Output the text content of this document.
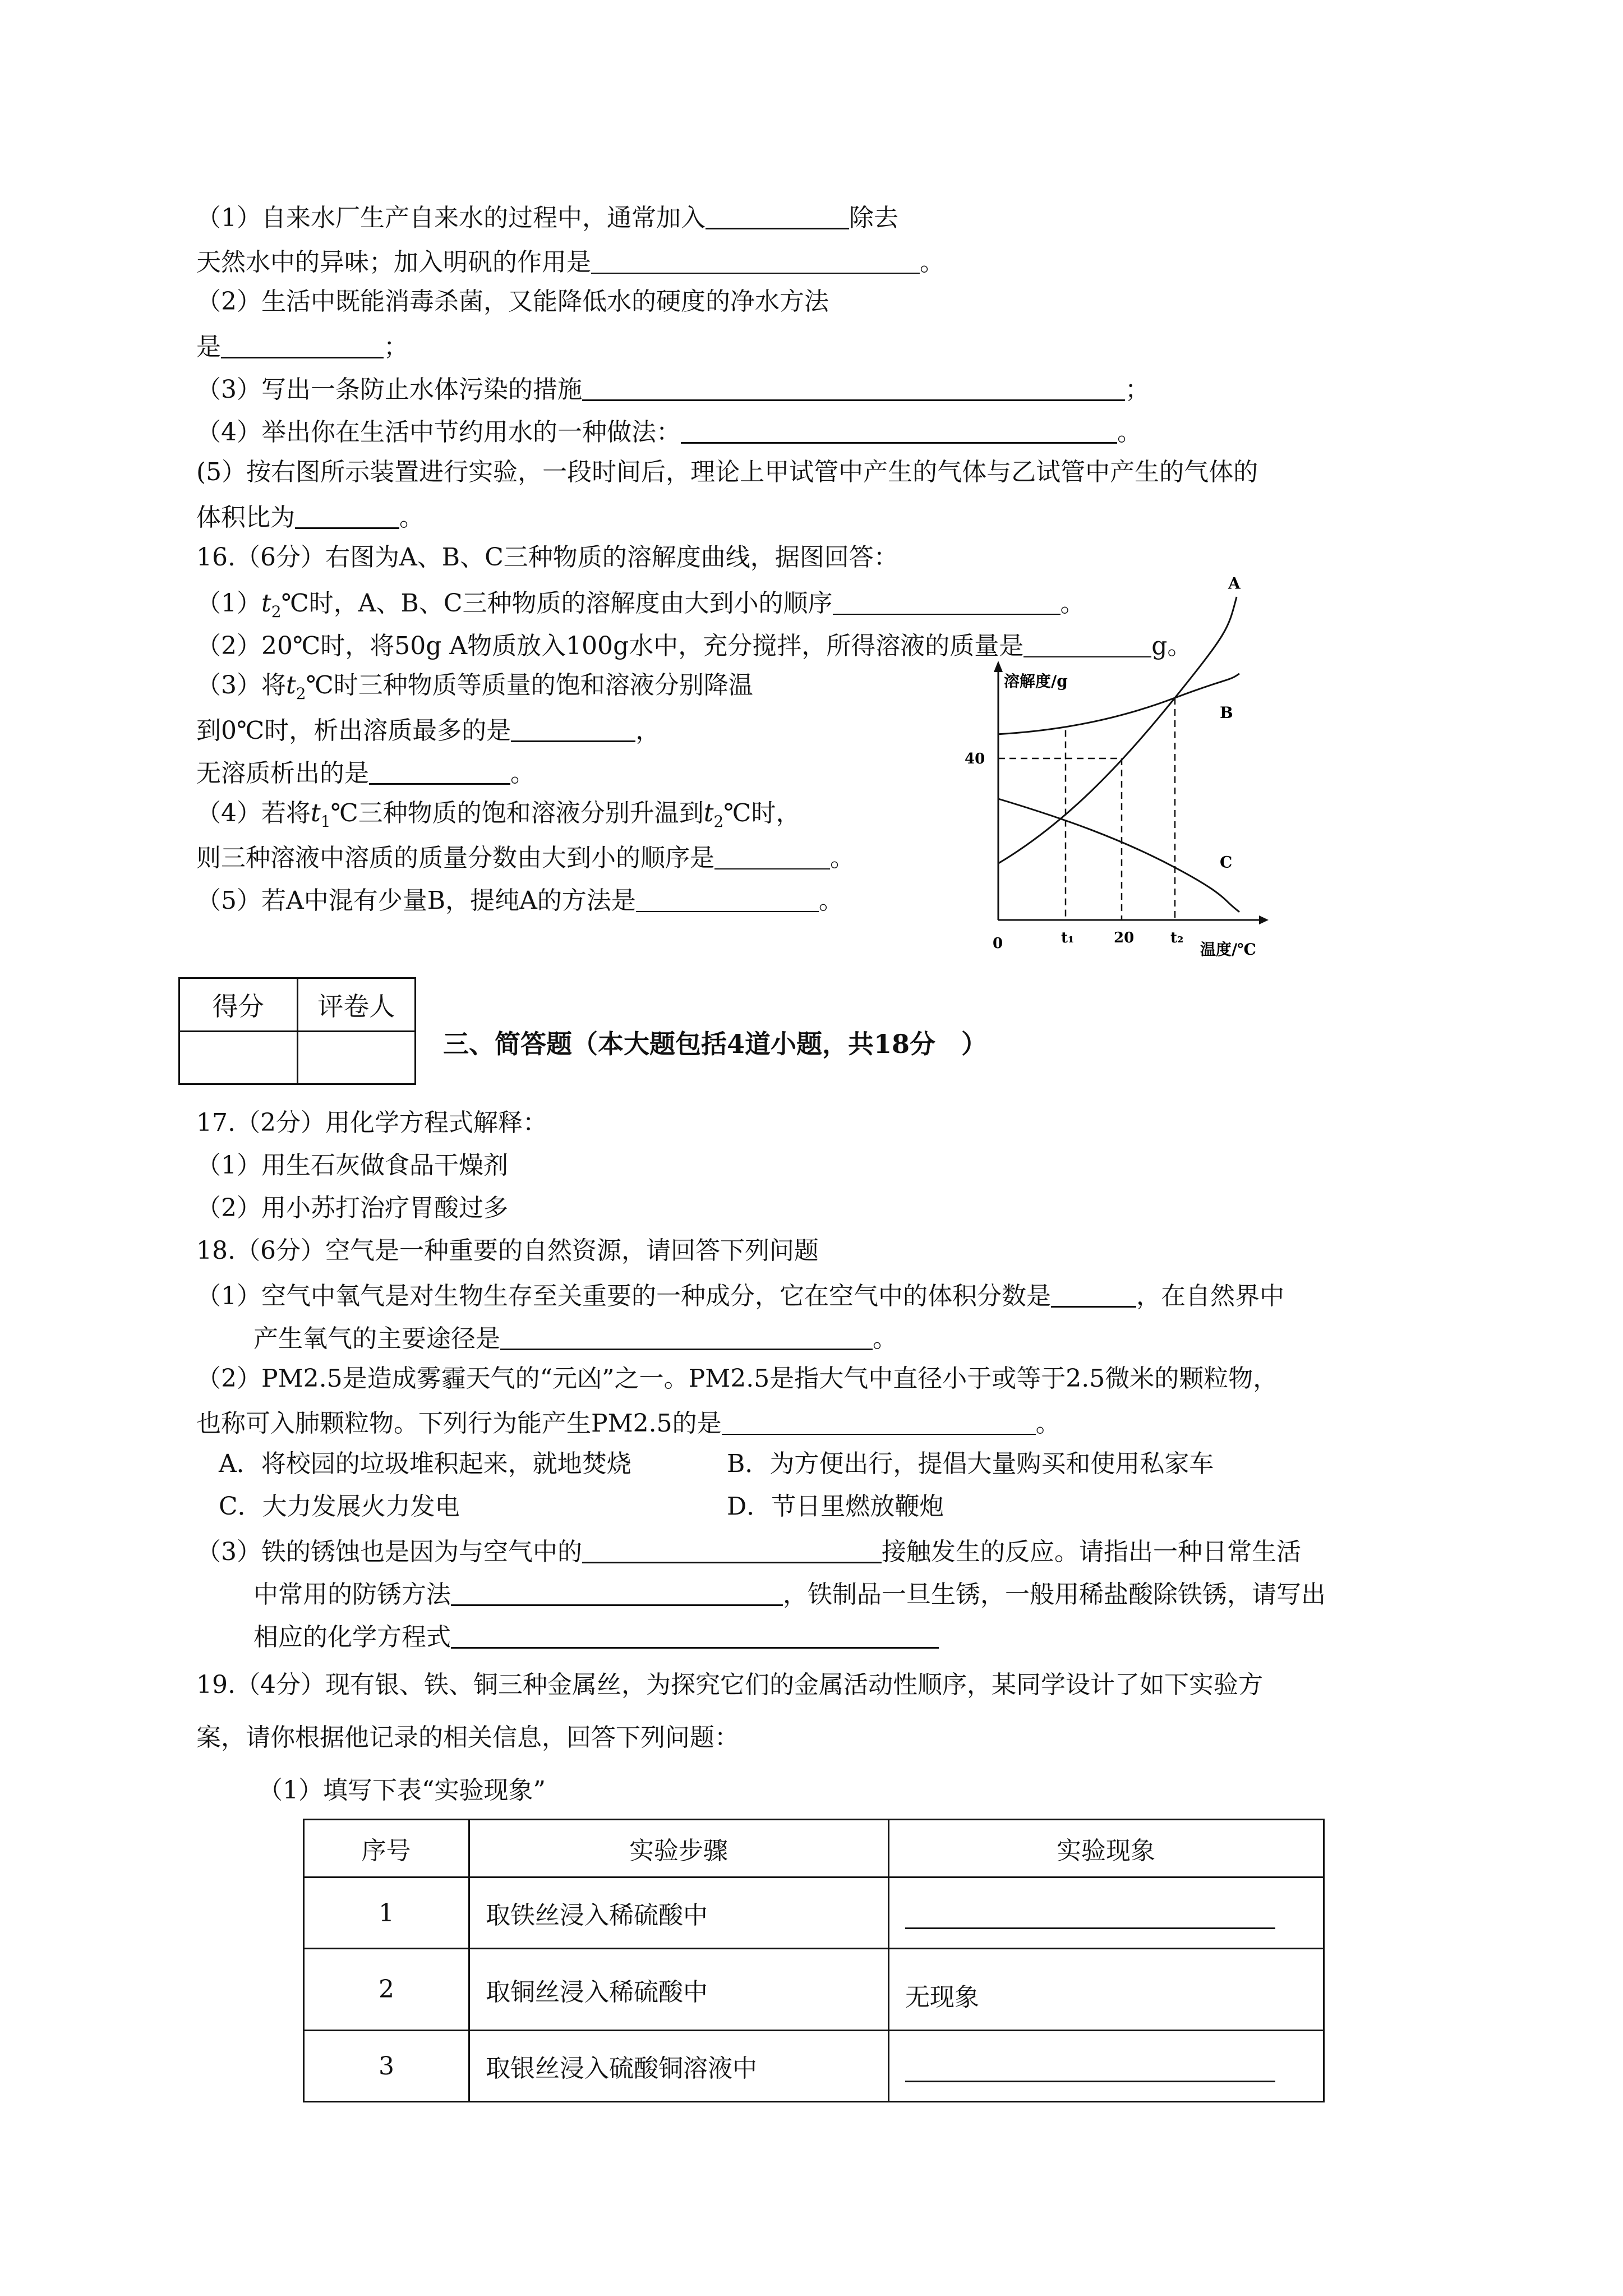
（1）自来水厂生产自来水的过程中，通常加入	除去
天然水中的异味；加入明矾的作用是	。
（2）生活中既能消毒杀菌，又能降低水的硬度的净水方法
是	；
（3）写出一条防止水体污染的措施	；
（4）举出你在生活中节约用水的一种做法：	。
(5）按右图所示装置进行实验，一段时间后，理论上甲试管中产生的气体与乙试管中产生的气体的
体积比为	。
16.（6分）右图为A、B、C三种物质的溶解度曲线，据图回答：
$(1)t_2℃$时，A、B、C三种物质的溶解度由大到小的顺序	。
（2）20℃时，将50g A物质放入100g水中，充分搅拌，所得溶液的质量是	g。
（3）将$t_2℃$时三种物质等质量的饱和溶液分别降温
到0℃时，析出溶质最多的是	，
无溶质析出的是	。
（4）若将$t_1℃$三种物质的饱和溶液分别升温到$t_2℃$时，
则三种溶液中溶质的质量分数由大到小的顺序是	。
（5）若A中混有少量B，提纯A的方法是	。
溶解度/g
温度/℃
A
B
C
0
40
t₁	20 t₂
得分	评卷人

三、简答题（本大题包括4道小题，共18分　）
17.（2分）用化学方程式解释：
（1）用生石灰做食品干燥剂
（2）用小苏打治疗胃酸过多
18.（6分）空气是一种重要的自然资源，请回答下列问题
（1）空气中氧气是对生物生存至关重要的一种成分，它在空气中的体积分数是	，在自然界中
产生氧气的主要途径是	。
（2）PM2.5是造成雾霾天气的“元凶”之一。PM2.5是指大气中直径小于或等于2.5微米的颗粒物，
也称可入肺颗粒物。下列行为能产生PM2.5的是	。
A．将校园的垃圾堆积起来，就地焚烧	B．为方便出行，提倡大量购买和使用私家车
C．大力发展火力发电	D．节日里燃放鞭炮
（3）铁的锈蚀也是因为与空气中的	接触发生的反应。请指出一种日常生活
中常用的防锈方法	，铁制品一旦生锈，一般用稀盐酸除铁锈，请写出
相应的化学方程式
19.（4分）现有银、铁、铜三种金属丝，为探究它们的金属活动性顺序，某同学设计了如下实验方
案，请你根据他记录的相关信息，回答下列问题：
（1）填写下表“实验现象”
序号	实验步骤	实验现象
1	取铁丝浸入稀硫酸中	

2	取铜丝浸入稀硫酸中	无现象
3	取银丝浸入硫酸铜溶液中	
